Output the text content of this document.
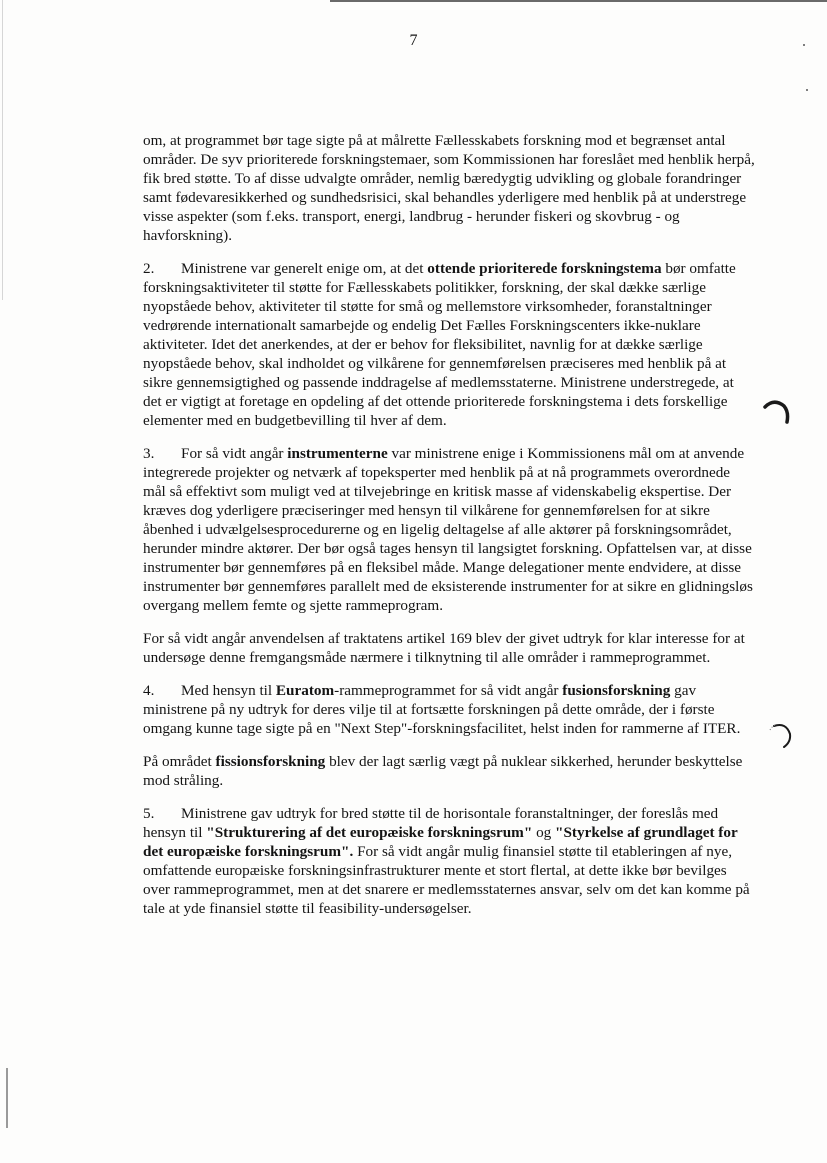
7

om, at programmet bør tage sigte på at målrette Fællesskabets forskning mod et begrænset antal områder. De syv prioriterede forskningstemaer, som Kommissionen har foreslået med henblik herpå, fik bred støtte. To af disse udvalgte områder, nemlig bæredygtig udvikling og globale forandringer samt fødevaresikkerhed og sundhedsrisici, skal behandles yderligere med henblik på at understrege visse aspekter (som f.eks. transport, energi, landbrug - herunder fiskeri og skovbrug - og havforskning).

2. Ministrene var generelt enige om, at det ottende prioriterede forskningstema bør omfatte forskningsaktiviteter til støtte for Fællesskabets politikker, forskning, der skal dække særlige nyopståede behov, aktiviteter til støtte for små og mellemstore virksomheder, foranstaltninger vedrørende internationalt samarbejde og endelig Det Fælles Forskningscenters ikke-nuklare aktiviteter. Idet det anerkendes, at der er behov for fleksibilitet, navnlig for at dække særlige nyopståede behov, skal indholdet og vilkårene for gennemførelsen præciseres med henblik på at sikre gennemsigtighed og passende inddragelse af medlemsstaterne. Ministrene understregede, at det er vigtigt at foretage en opdeling af det ottende prioriterede forskningstema i dets forskellige elementer med en budgetbevilling til hver af dem.

3. For så vidt angår instrumenterne var ministrene enige i Kommissionens mål om at anvende integrerede projekter og netværk af topeksperter med henblik på at nå programmets overordnede mål så effektivt som muligt ved at tilvejebringe en kritisk masse af videnskabelig ekspertise. Der kræves dog yderligere præciseringer med hensyn til vilkårene for gennemførelsen for at sikre åbenhed i udvælgelsesprocedurerne og en ligelig deltagelse af alle aktører på forskningsområdet, herunder mindre aktører. Der bør også tages hensyn til langsigtet forskning. Opfattelsen var, at disse instrumenter bør gennemføres på en fleksibel måde. Mange delegationer mente endvidere, at disse instrumenter bør gennemføres parallelt med de eksisterende instrumenter for at sikre en glidningsløs overgang mellem femte og sjette rammeprogram.

For så vidt angår anvendelsen af traktatens artikel 169 blev der givet udtryk for klar interesse for at undersøge denne fremgangsmåde nærmere i tilknytning til alle områder i rammeprogrammet.

4. Med hensyn til Euratom-rammeprogrammet for så vidt angår fusionsforskning gav ministrene på ny udtryk for deres vilje til at fortsætte forskningen på dette område, der i første omgang kunne tage sigte på en "Next Step"-forskningsfacilitet, helst inden for rammerne af ITER.

På området fissionsforskning blev der lagt særlig vægt på nuklear sikkerhed, herunder beskyttelse mod stråling.

5. Ministrene gav udtryk for bred støtte til de horisontale foranstaltninger, der foreslås med hensyn til "Strukturering af det europæiske forskningsrum" og "Styrkelse af grundlaget for det europæiske forskningsrum". For så vidt angår mulig finansiel støtte til etableringen af nye, omfattende europæiske forskningsinfrastrukturer mente et stort flertal, at dette ikke bør bevilges over rammeprogrammet, men at det snarere er medlemsstaternes ansvar, selv om det kan komme på tale at yde finansiel støtte til feasibility-undersøgelser.
